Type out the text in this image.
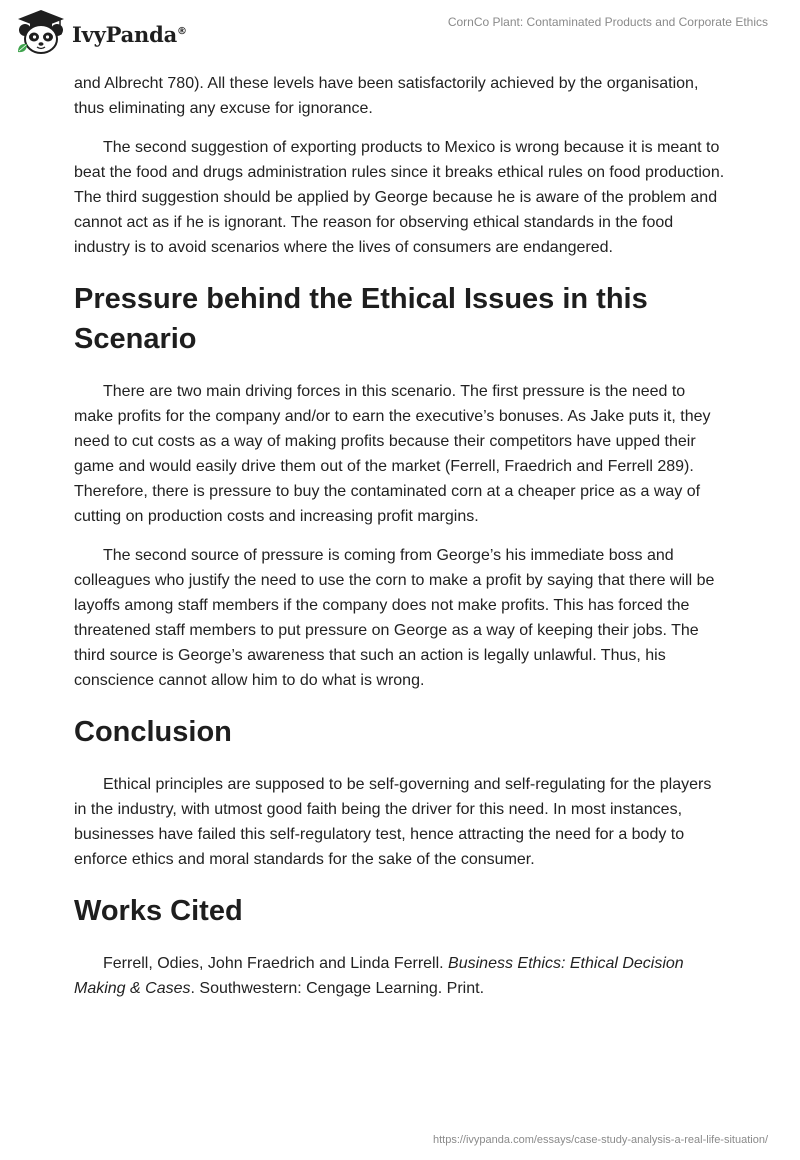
IvyPanda®
CornCo Plant: Contaminated Products and Corporate Ethics

and Albrecht 780). All these levels have been satisfactorily achieved by the organisation, thus eliminating any excuse for ignorance.

The second suggestion of exporting products to Mexico is wrong because it is meant to beat the food and drugs administration rules since it breaks ethical rules on food production. The third suggestion should be applied by George because he is aware of the problem and cannot act as if he is ignorant. The reason for observing ethical standards in the food industry is to avoid scenarios where the lives of consumers are endangered.

Pressure behind the Ethical Issues in this Scenario

There are two main driving forces in this scenario. The first pressure is the need to make profits for the company and/or to earn the executive’s bonuses. As Jake puts it, they need to cut costs as a way of making profits because their competitors have upped their game and would easily drive them out of the market (Ferrell, Fraedrich and Ferrell 289). Therefore, there is pressure to buy the contaminated corn at a cheaper price as a way of cutting on production costs and increasing profit margins.

The second source of pressure is coming from George’s his immediate boss and colleagues who justify the need to use the corn to make a profit by saying that there will be layoffs among staff members if the company does not make profits. This has forced the threatened staff members to put pressure on George as a way of keeping their jobs. The third source is George’s awareness that such an action is legally unlawful. Thus, his conscience cannot allow him to do what is wrong.

Conclusion

Ethical principles are supposed to be self-governing and self-regulating for the players in the industry, with utmost good faith being the driver for this need. In most instances, businesses have failed this self-regulatory test, hence attracting the need for a body to enforce ethics and moral standards for the sake of the consumer.

Works Cited

Ferrell, Odies, John Fraedrich and Linda Ferrell. Business Ethics: Ethical Decision Making & Cases. Southwestern: Cengage Learning. Print.

https://ivypanda.com/essays/case-study-analysis-a-real-life-situation/
